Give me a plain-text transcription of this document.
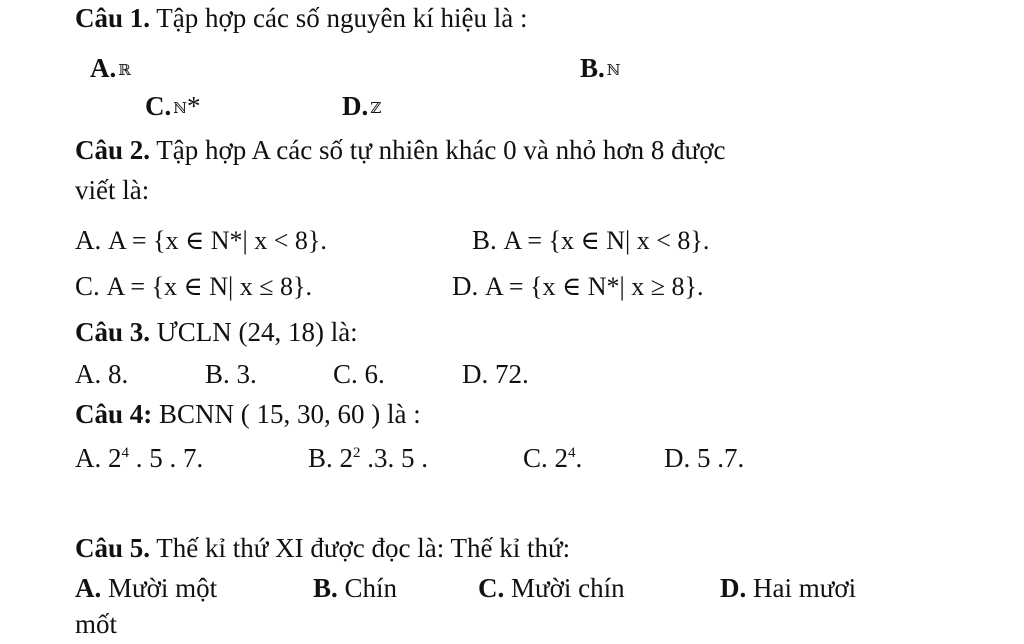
Câu 1. Tập hợp các số nguyên kí hiệu là :
A. ℝ	B. ℕ
C. ℕ*	D. ℤ
Câu 2. Tập hợp A các số tự nhiên khác 0 và nhỏ hơn 8 được
viết là:
A. A = {x ∈ N*| x < 8}.	B. A = {x ∈ N| x < 8}.
C. A = {x ∈ N| x ≤ 8}.	D. A = {x ∈ N*| x ≥ 8}.
Câu 3. ƯCLN (24, 18) là:
A. 8.	B. 3.	C. 6.	D. 72.
Câu 4: BCNN ( 15, 30, 60 ) là :
A. $2^4$ . 5 . 7.	B. $2^2$ .3. 5 .	C. $2^4$.	D. 5 .7.
Câu 5. Thế kỉ thứ XI được đọc là: Thế kỉ thứ:
A. Mười một	B. Chín	C. Mười chín	D. Hai mươi
mốt
